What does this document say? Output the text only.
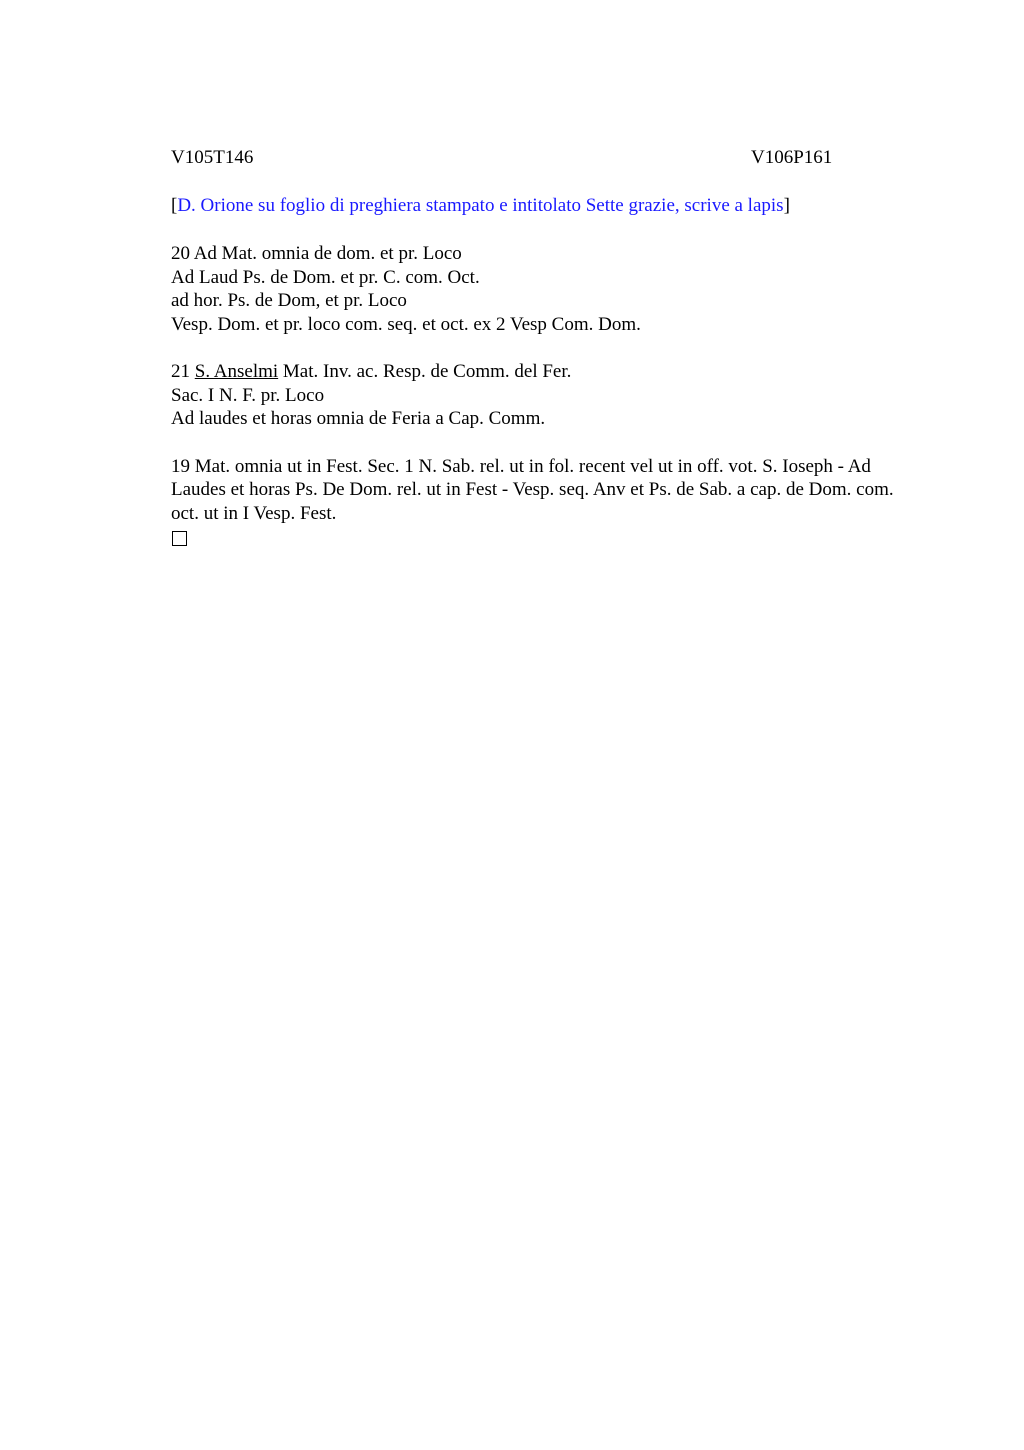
V105T146	V106P161
[D. Orione su foglio di preghiera stampato e intitolato Sette grazie, scrive a lapis]
20 Ad Mat. omnia de dom. et pr. Loco
Ad Laud Ps. de Dom. et pr. C. com. Oct.
ad hor. Ps. de Dom, et pr. Loco
Vesp. Dom. et pr. loco com. seq. et oct. ex 2 Vesp Com. Dom.
21 S. Anselmi Mat. Inv. ac. Resp. de Comm. del Fer.
Sac. I N. F. pr. Loco
Ad laudes et horas omnia de Feria a Cap. Comm.
19 Mat. omnia ut in Fest. Sec. 1 N. Sab. rel. ut in fol. recent vel ut in off. vot. S. Ioseph - Ad Laudes et horas Ps. De Dom. rel. ut in Fest - Vesp. seq. Anv et Ps. de Sab. a cap. de Dom. com. oct. ut in I Vesp. Fest.
